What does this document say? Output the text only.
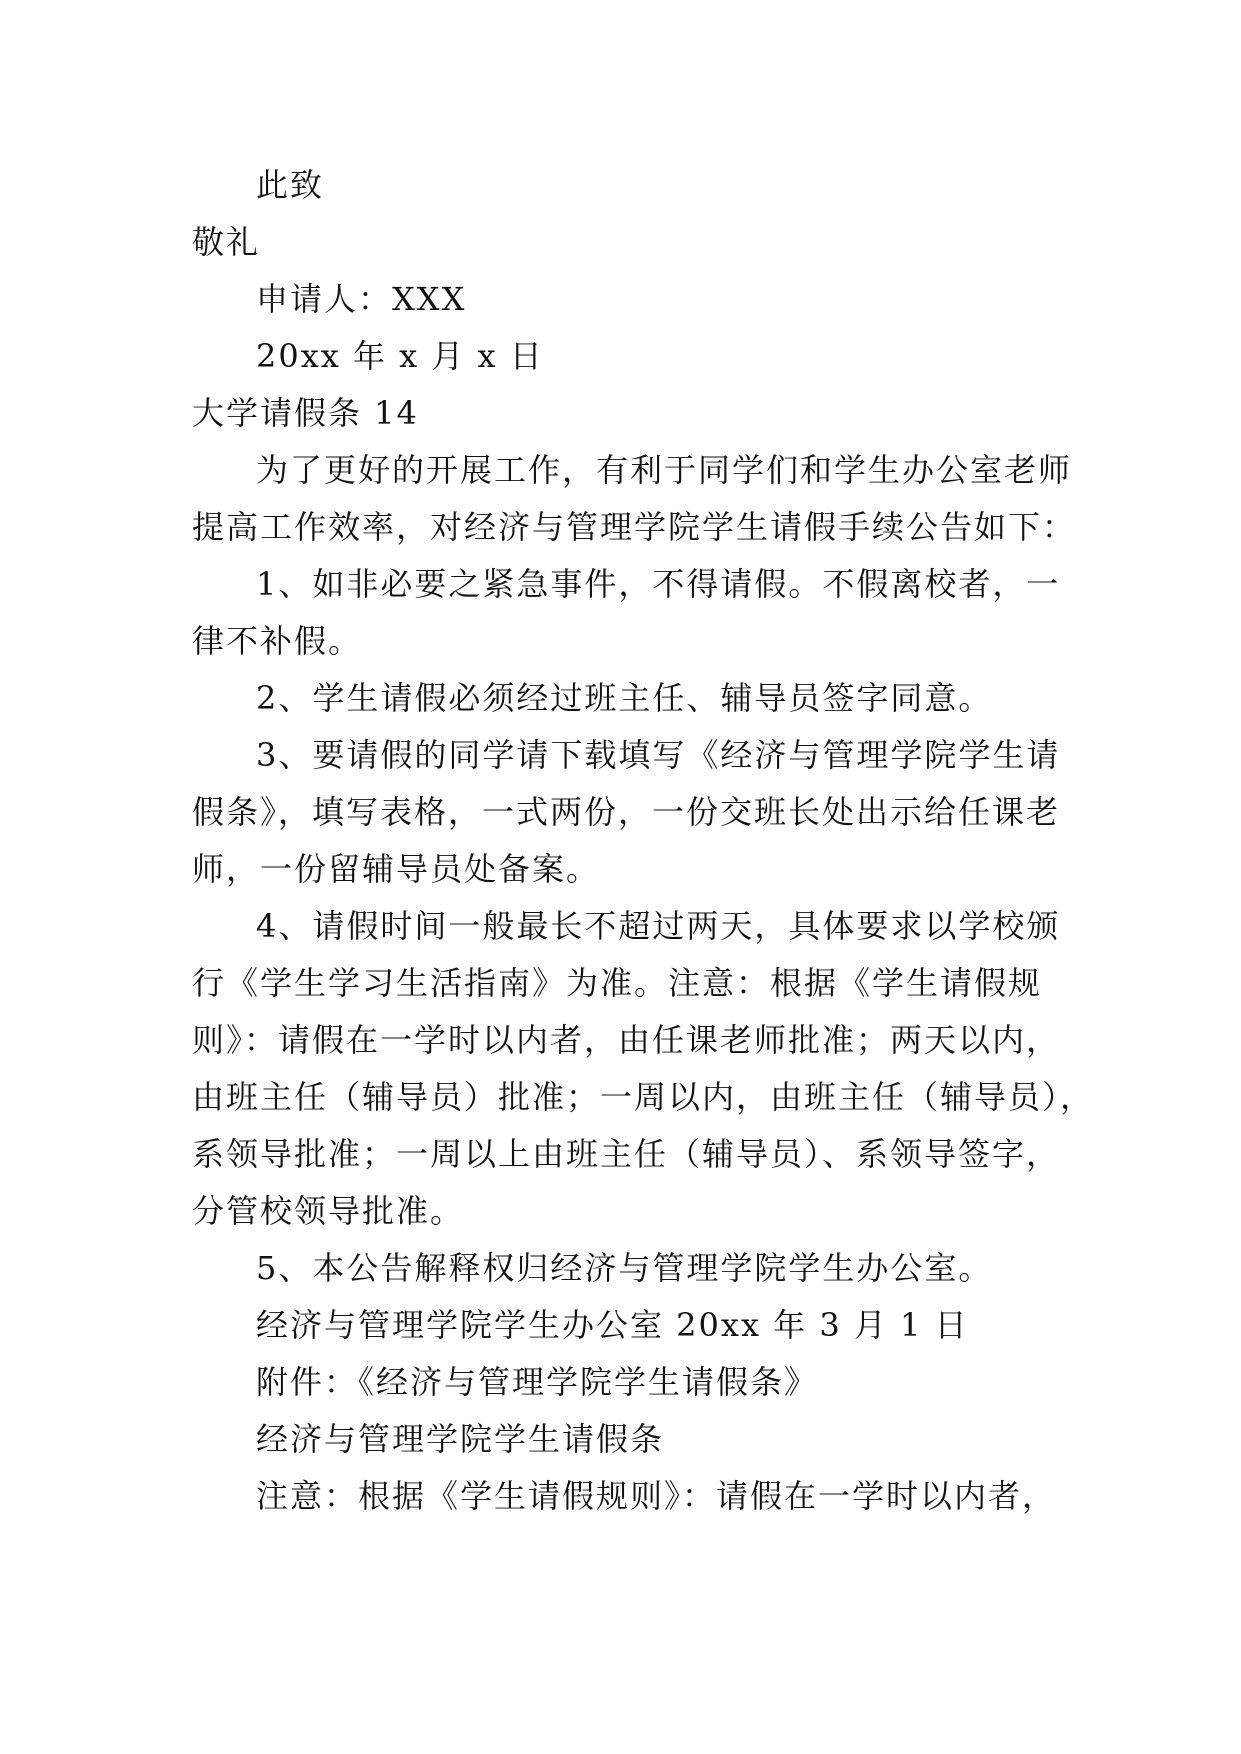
此致
敬礼
申请人：XXX
20xx 年 x 月 x 日
大学请假条 14
为了更好的开展工作，有利于同学们和学生办公室老师
提高工作效率，对经济与管理学院学生请假手续公告如下：
1、如非必要之紧急事件，不得请假。不假离校者，一
律不补假。
2、学生请假必须经过班主任、辅导员签字同意。
3、要请假的同学请下载填写《经济与管理学院学生请
假条》，填写表格，一式两份，一份交班长处出示给任课老
师，一份留辅导员处备案。
4、请假时间一般最长不超过两天，具体要求以学校颁
行《学生学习生活指南》为准。注意：根据《学生请假规
则》：请假在一学时以内者，由任课老师批准；两天以内，
由班主任（辅导员）批准；一周以内，由班主任（辅导员），
系领导批准；一周以上由班主任（辅导员）、系领导签字，
分管校领导批准。
5、本公告解释权归经济与管理学院学生办公室。
经济与管理学院学生办公室 20xx 年 3 月 1 日
附件：《经济与管理学院学生请假条》
经济与管理学院学生请假条
注意：根据《学生请假规则》：请假在一学时以内者，
